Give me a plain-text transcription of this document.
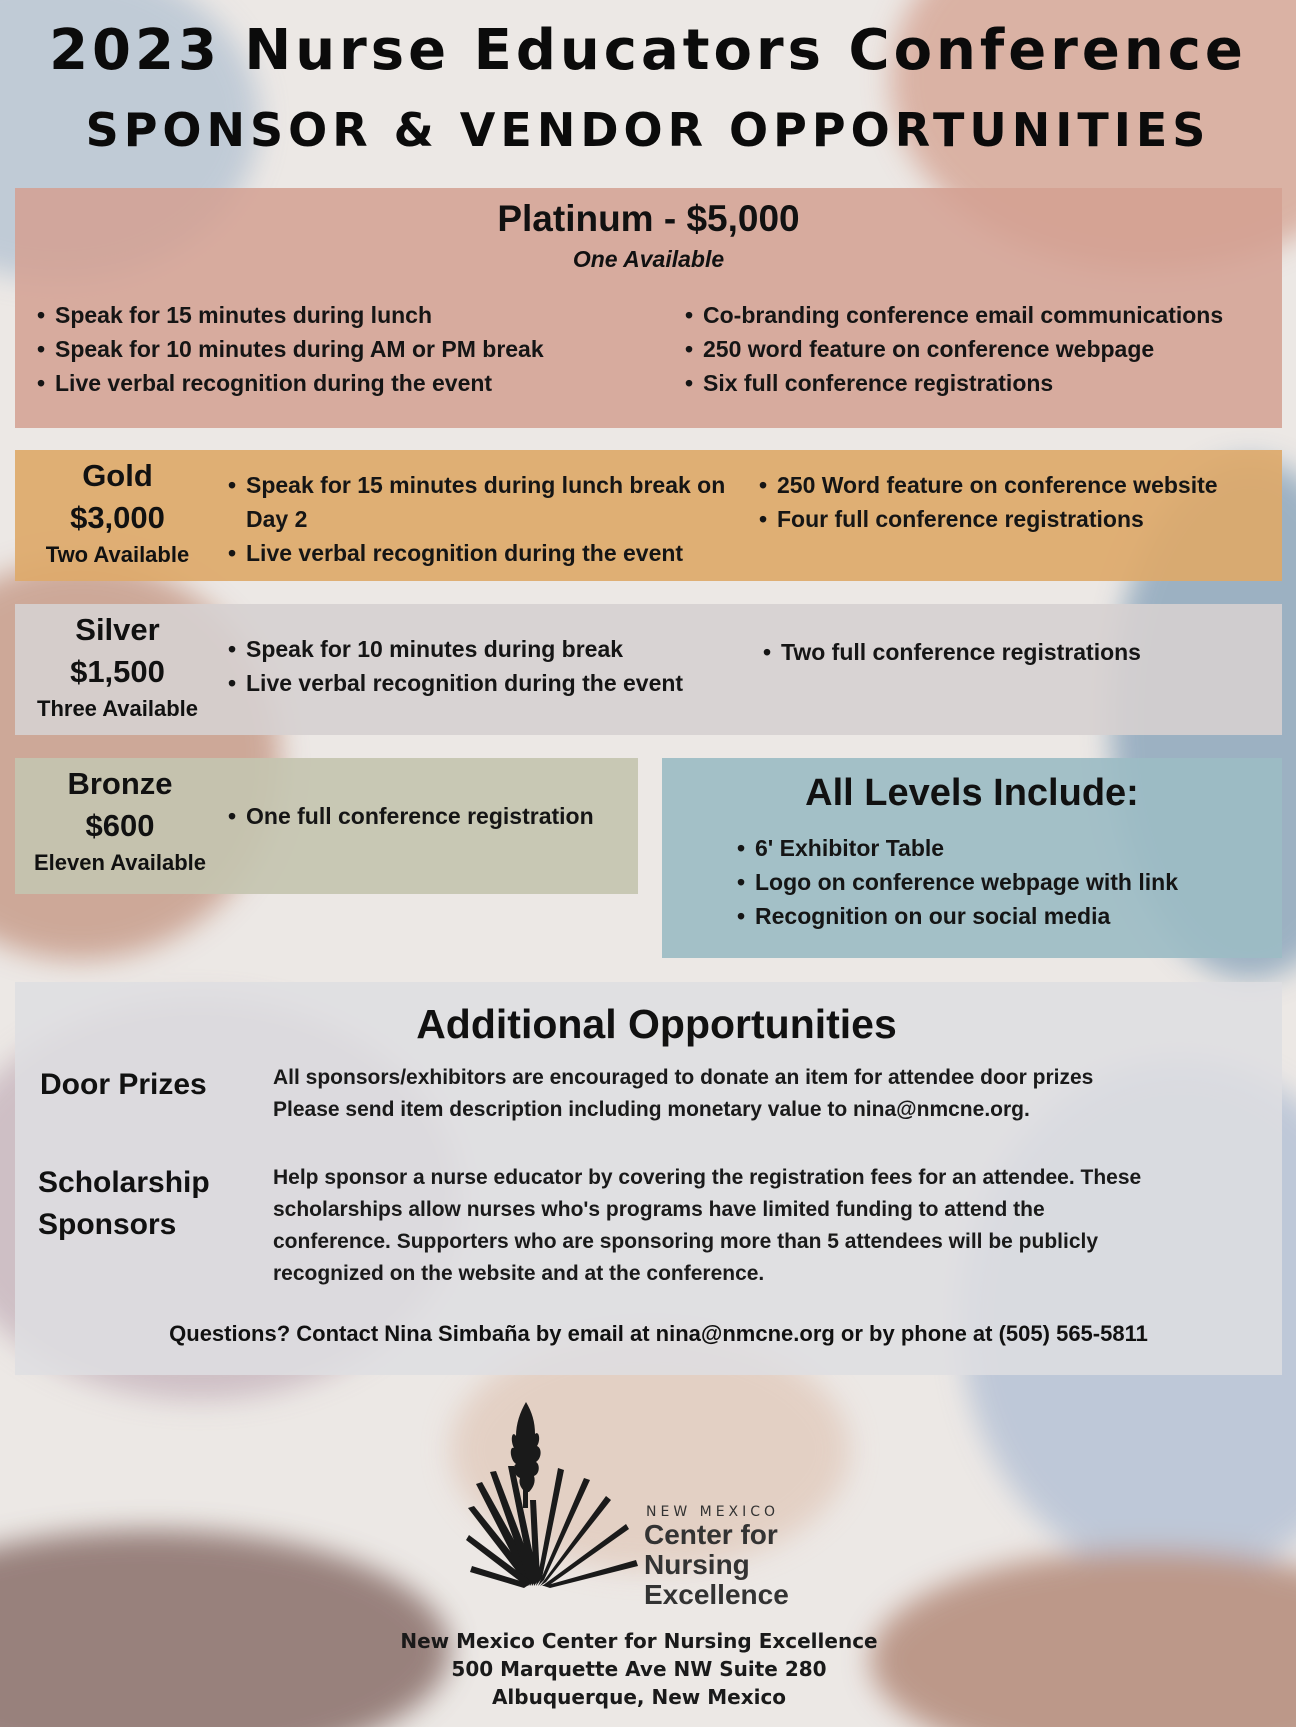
2023 Nurse Educators Conference
SPONSOR & VENDOR OPPORTUNITIES
Platinum - $5,000
One Available
• Speak for 15 minutes during lunch
• Speak for 10 minutes during AM or PM break
• Live verbal recognition during the event
• Co-branding conference email communications
• 250 word feature on conference webpage
• Six full conference registrations
Gold
$3,000
Two Available
• Speak for 15 minutes during lunch break on Day 2
• Live verbal recognition during the event
• 250 Word feature on conference website
• Four full conference registrations
Silver
$1,500
Three Available
• Speak for 10 minutes during break
• Live verbal recognition during the event
• Two full conference registrations
Bronze
$600
Eleven Available
• One full conference registration
All Levels Include:
• 6' Exhibitor Table
• Logo on conference webpage with link
• Recognition on our social media
Additional Opportunities
Door Prizes	All sponsors/exhibitors are encouraged to donate an item for attendee door prizes
Please send item description including monetary value to nina@nmcne.org.
Scholarship
Sponsors
Help sponsor a nurse educator by covering the registration fees for an attendee. These
scholarships allow nurses who's programs have limited funding to attend the
conference. Supporters who are sponsoring more than 5 attendees will be publicly
recognized on the website and at the conference.
Questions? Contact Nina Simbaña by email at nina@nmcne.org or by phone at (505) 565-5811
NEW MEXICO
Center for
Nursing
Excellence
New Mexico Center for Nursing Excellence
500 Marquette Ave NW Suite 280
Albuquerque, New Mexico
